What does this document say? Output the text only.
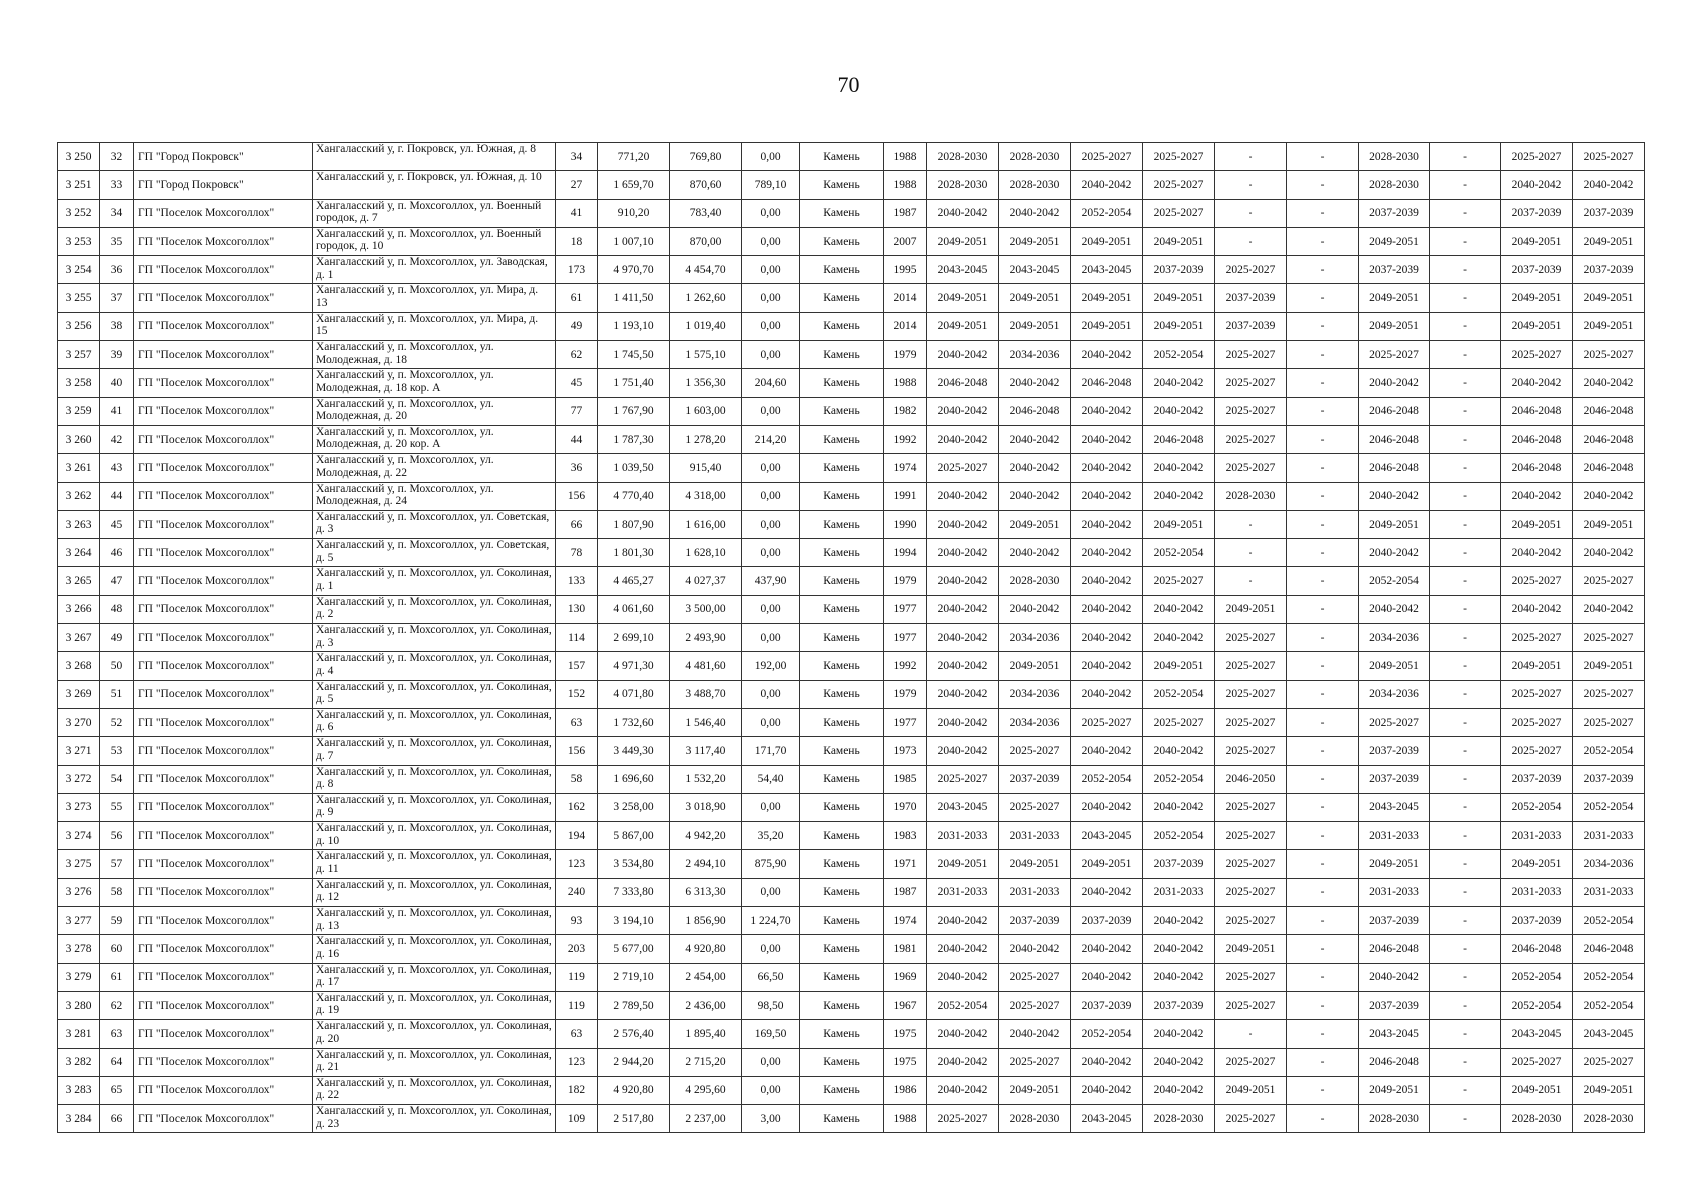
70
3 250	32	ГП "Город Покровск"	Хангаласский у, г. Покровск, ул. Южная, д. 8	34	771,20	769,80	0,00	Камень	1988	2028-2030	2028-2030	2025-2027	2025-2027	-	-	2028-2030	-	2025-2027	2025-2027
3 251	33	ГП "Город Покровск"	Хангаласский у, г. Покровск, ул. Южная, д. 10	27	1 659,70	870,60	789,10	Камень	1988	2028-2030	2028-2030	2040-2042	2025-2027	-	-	2028-2030	-	2040-2042	2040-2042
3 252	34	ГП "Поселок Мохсоголлох"	Хангаласский у, п. Мохсоголлох, ул. Военный городок, д. 7	41	910,20	783,40	0,00	Камень	1987	2040-2042	2040-2042	2052-2054	2025-2027	-	-	2037-2039	-	2037-2039	2037-2039
3 253	35	ГП "Поселок Мохсоголлох"	Хангаласский у, п. Мохсоголлох, ул. Военный городок, д. 10	18	1 007,10	870,00	0,00	Камень	2007	2049-2051	2049-2051	2049-2051	2049-2051	-	-	2049-2051	-	2049-2051	2049-2051
3 254	36	ГП "Поселок Мохсоголлох"	Хангаласский у, п. Мохсоголлох, ул. Заводская, д. 1	173	4 970,70	4 454,70	0,00	Камень	1995	2043-2045	2043-2045	2043-2045	2037-2039	2025-2027	-	2037-2039	-	2037-2039	2037-2039
3 255	37	ГП "Поселок Мохсоголлох"	Хангаласский у, п. Мохсоголлох, ул. Мира, д. 13	61	1 411,50	1 262,60	0,00	Камень	2014	2049-2051	2049-2051	2049-2051	2049-2051	2037-2039	-	2049-2051	-	2049-2051	2049-2051
3 256	38	ГП "Поселок Мохсоголлох"	Хангаласский у, п. Мохсоголлох, ул. Мира, д. 15	49	1 193,10	1 019,40	0,00	Камень	2014	2049-2051	2049-2051	2049-2051	2049-2051	2037-2039	-	2049-2051	-	2049-2051	2049-2051
3 257	39	ГП "Поселок Мохсоголлох"	Хангаласский у, п. Мохсоголлох, ул. Молодежная, д. 18	62	1 745,50	1 575,10	0,00	Камень	1979	2040-2042	2034-2036	2040-2042	2052-2054	2025-2027	-	2025-2027	-	2025-2027	2025-2027
3 258	40	ГП "Поселок Мохсоголлох"	Хангаласский у, п. Мохсоголлох, ул. Молодежная, д. 18 кор. А	45	1 751,40	1 356,30	204,60	Камень	1988	2046-2048	2040-2042	2046-2048	2040-2042	2025-2027	-	2040-2042	-	2040-2042	2040-2042
3 259	41	ГП "Поселок Мохсоголлох"	Хангаласский у, п. Мохсоголлох, ул. Молодежная, д. 20	77	1 767,90	1 603,00	0,00	Камень	1982	2040-2042	2046-2048	2040-2042	2040-2042	2025-2027	-	2046-2048	-	2046-2048	2046-2048
3 260	42	ГП "Поселок Мохсоголлох"	Хангаласский у, п. Мохсоголлох, ул. Молодежная, д. 20 кор. А	44	1 787,30	1 278,20	214,20	Камень	1992	2040-2042	2040-2042	2040-2042	2046-2048	2025-2027	-	2046-2048	-	2046-2048	2046-2048
3 261	43	ГП "Поселок Мохсоголлох"	Хангаласский у, п. Мохсоголлох, ул. Молодежная, д. 22	36	1 039,50	915,40	0,00	Камень	1974	2025-2027	2040-2042	2040-2042	2040-2042	2025-2027	-	2046-2048	-	2046-2048	2046-2048
3 262	44	ГП "Поселок Мохсоголлох"	Хангаласский у, п. Мохсоголлох, ул. Молодежная, д. 24	156	4 770,40	4 318,00	0,00	Камень	1991	2040-2042	2040-2042	2040-2042	2040-2042	2028-2030	-	2040-2042	-	2040-2042	2040-2042
3 263	45	ГП "Поселок Мохсоголлох"	Хангаласский у, п. Мохсоголлох, ул. Советская, д. 3	66	1 807,90	1 616,00	0,00	Камень	1990	2040-2042	2049-2051	2040-2042	2049-2051	-	-	2049-2051	-	2049-2051	2049-2051
3 264	46	ГП "Поселок Мохсоголлох"	Хангаласский у, п. Мохсоголлох, ул. Советская, д. 5	78	1 801,30	1 628,10	0,00	Камень	1994	2040-2042	2040-2042	2040-2042	2052-2054	-	-	2040-2042	-	2040-2042	2040-2042
3 265	47	ГП "Поселок Мохсоголлох"	Хангаласский у, п. Мохсоголлох, ул. Соколиная, д. 1	133	4 465,27	4 027,37	437,90	Камень	1979	2040-2042	2028-2030	2040-2042	2025-2027	-	-	2052-2054	-	2025-2027	2025-2027
3 266	48	ГП "Поселок Мохсоголлох"	Хангаласский у, п. Мохсоголлох, ул. Соколиная, д. 2	130	4 061,60	3 500,00	0,00	Камень	1977	2040-2042	2040-2042	2040-2042	2040-2042	2049-2051	-	2040-2042	-	2040-2042	2040-2042
3 267	49	ГП "Поселок Мохсоголлох"	Хангаласский у, п. Мохсоголлох, ул. Соколиная, д. 3	114	2 699,10	2 493,90	0,00	Камень	1977	2040-2042	2034-2036	2040-2042	2040-2042	2025-2027	-	2034-2036	-	2025-2027	2025-2027
3 268	50	ГП "Поселок Мохсоголлох"	Хангаласский у, п. Мохсоголлох, ул. Соколиная, д. 4	157	4 971,30	4 481,60	192,00	Камень	1992	2040-2042	2049-2051	2040-2042	2049-2051	2025-2027	-	2049-2051	-	2049-2051	2049-2051
3 269	51	ГП "Поселок Мохсоголлох"	Хангаласский у, п. Мохсоголлох, ул. Соколиная, д. 5	152	4 071,80	3 488,70	0,00	Камень	1979	2040-2042	2034-2036	2040-2042	2052-2054	2025-2027	-	2034-2036	-	2025-2027	2025-2027
3 270	52	ГП "Поселок Мохсоголлох"	Хангаласский у, п. Мохсоголлох, ул. Соколиная, д. 6	63	1 732,60	1 546,40	0,00	Камень	1977	2040-2042	2034-2036	2025-2027	2025-2027	2025-2027	-	2025-2027	-	2025-2027	2025-2027
3 271	53	ГП "Поселок Мохсоголлох"	Хангаласский у, п. Мохсоголлох, ул. Соколиная, д. 7	156	3 449,30	3 117,40	171,70	Камень	1973	2040-2042	2025-2027	2040-2042	2040-2042	2025-2027	-	2037-2039	-	2025-2027	2052-2054
3 272	54	ГП "Поселок Мохсоголлох"	Хангаласский у, п. Мохсоголлох, ул. Соколиная, д. 8	58	1 696,60	1 532,20	54,40	Камень	1985	2025-2027	2037-2039	2052-2054	2052-2054	2046-2050	-	2037-2039	-	2037-2039	2037-2039
3 273	55	ГП "Поселок Мохсоголлох"	Хангаласский у, п. Мохсоголлох, ул. Соколиная, д. 9	162	3 258,00	3 018,90	0,00	Камень	1970	2043-2045	2025-2027	2040-2042	2040-2042	2025-2027	-	2043-2045	-	2052-2054	2052-2054
3 274	56	ГП "Поселок Мохсоголлох"	Хангаласский у, п. Мохсоголлох, ул. Соколиная, д. 10	194	5 867,00	4 942,20	35,20	Камень	1983	2031-2033	2031-2033	2043-2045	2052-2054	2025-2027	-	2031-2033	-	2031-2033	2031-2033
3 275	57	ГП "Поселок Мохсоголлох"	Хангаласский у, п. Мохсоголлох, ул. Соколиная, д. 11	123	3 534,80	2 494,10	875,90	Камень	1971	2049-2051	2049-2051	2049-2051	2037-2039	2025-2027	-	2049-2051	-	2049-2051	2034-2036
3 276	58	ГП "Поселок Мохсоголлох"	Хангаласский у, п. Мохсоголлох, ул. Соколиная, д. 12	240	7 333,80	6 313,30	0,00	Камень	1987	2031-2033	2031-2033	2040-2042	2031-2033	2025-2027	-	2031-2033	-	2031-2033	2031-2033
3 277	59	ГП "Поселок Мохсоголлох"	Хангаласский у, п. Мохсоголлох, ул. Соколиная, д. 13	93	3 194,10	1 856,90	1 224,70	Камень	1974	2040-2042	2037-2039	2037-2039	2040-2042	2025-2027	-	2037-2039	-	2037-2039	2052-2054
3 278	60	ГП "Поселок Мохсоголлох"	Хангаласский у, п. Мохсоголлох, ул. Соколиная, д. 16	203	5 677,00	4 920,80	0,00	Камень	1981	2040-2042	2040-2042	2040-2042	2040-2042	2049-2051	-	2046-2048	-	2046-2048	2046-2048
3 279	61	ГП "Поселок Мохсоголлох"	Хангаласский у, п. Мохсоголлох, ул. Соколиная, д. 17	119	2 719,10	2 454,00	66,50	Камень	1969	2040-2042	2025-2027	2040-2042	2040-2042	2025-2027	-	2040-2042	-	2052-2054	2052-2054
3 280	62	ГП "Поселок Мохсоголлох"	Хангаласский у, п. Мохсоголлох, ул. Соколиная, д. 19	119	2 789,50	2 436,00	98,50	Камень	1967	2052-2054	2025-2027	2037-2039	2037-2039	2025-2027	-	2037-2039	-	2052-2054	2052-2054
3 281	63	ГП "Поселок Мохсоголлох"	Хангаласский у, п. Мохсоголлох, ул. Соколиная, д. 20	63	2 576,40	1 895,40	169,50	Камень	1975	2040-2042	2040-2042	2052-2054	2040-2042	-	-	2043-2045	-	2043-2045	2043-2045
3 282	64	ГП "Поселок Мохсоголлох"	Хангаласский у, п. Мохсоголлох, ул. Соколиная, д. 21	123	2 944,20	2 715,20	0,00	Камень	1975	2040-2042	2025-2027	2040-2042	2040-2042	2025-2027	-	2046-2048	-	2025-2027	2025-2027
3 283	65	ГП "Поселок Мохсоголлох"	Хангаласский у, п. Мохсоголлох, ул. Соколиная, д. 22	182	4 920,80	4 295,60	0,00	Камень	1986	2040-2042	2049-2051	2040-2042	2040-2042	2049-2051	-	2049-2051	-	2049-2051	2049-2051
3 284	66	ГП "Поселок Мохсоголлох"	Хангаласский у, п. Мохсоголлох, ул. Соколиная, д. 23	109	2 517,80	2 237,00	3,00	Камень	1988	2025-2027	2028-2030	2043-2045	2028-2030	2025-2027	-	2028-2030	-	2028-2030	2028-2030
